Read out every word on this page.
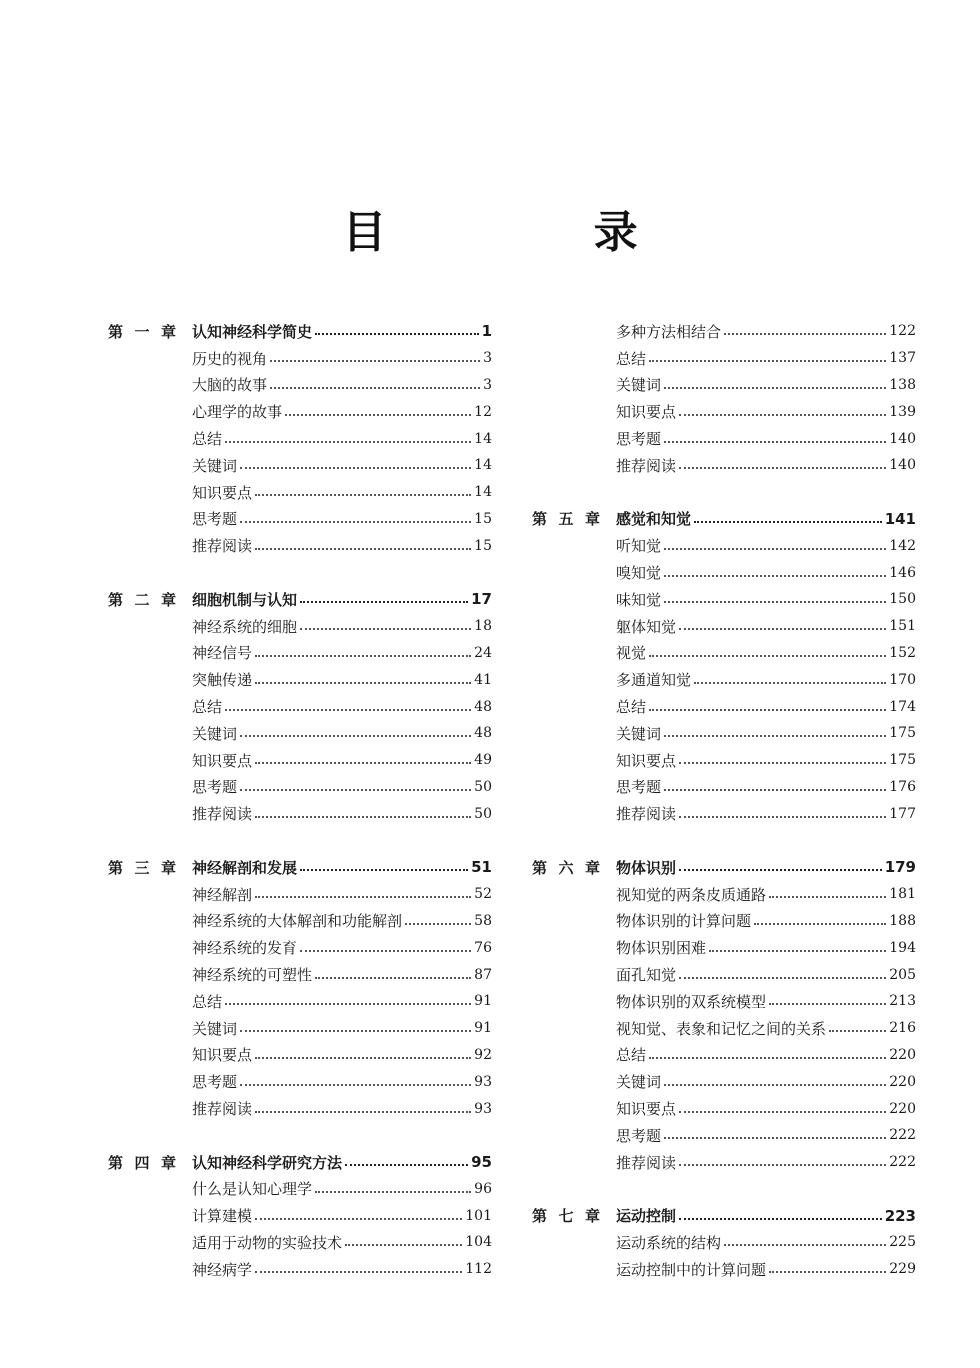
目 录
第 一 章 认知神经科学简史	1
历史的视角	3
大脑的故事	3
心理学的故事	12
总结	14
关键词	14
知识要点	14
思考题	15
推荐阅读	15
第 二 章 细胞机制与认知	17
神经系统的细胞	18
神经信号	24
突触传递	41
总结	48
关键词	48
知识要点	49
思考题	50
推荐阅读	50
第 三 章 神经解剖和发展	51
神经解剖	52
神经系统的大体解剖和功能解剖	58
神经系统的发育	76
神经系统的可塑性	87
总结	91
关键词	91
知识要点	92
思考题	93
推荐阅读	93
第 四 章 认知神经科学研究方法	95
什么是认知心理学	96
计算建模	101
适用于动物的实验技术	104
神经病学	112
多种方法相结合	122
总结	137
关键词	138
知识要点	139
思考题	140
推荐阅读	140
第 五 章 感觉和知觉	141
听知觉	142
嗅知觉	146
味知觉	150
躯体知觉	151
视觉	152
多通道知觉	170
总结	174
关键词	175
知识要点	175
思考题	176
推荐阅读	177
第 六 章 物体识别	179
视知觉的两条皮质通路	181
物体识别的计算问题	188
物体识别困难	194
面孔知觉	205
物体识别的双系统模型	213
视知觉、表象和记忆之间的关系	216
总结	220
关键词	220
知识要点	220
思考题	222
推荐阅读	222
第 七 章 运动控制	223
运动系统的结构	225
运动控制中的计算问题	229
